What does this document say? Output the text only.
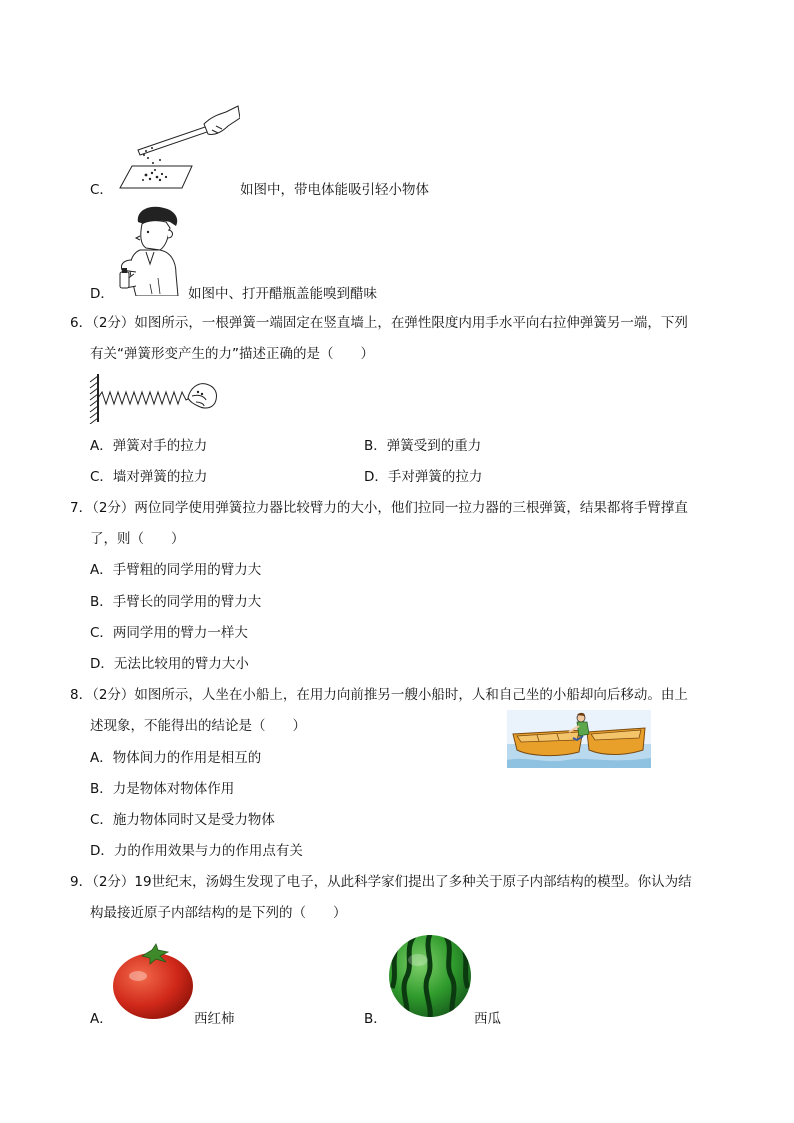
C．	如图中，带电体能吸引轻小物体
D．	如图中、打开醋瓶盖能嗅到醋味
6．（2分）如图所示，一根弹簧一端固定在竖直墙上，在弹性限度内用手水平向右拉伸弹簧另一端，下列
有关“弹簧形变产生的力”描述正确的是（　　）
A．弹簧对手的拉力	B．弹簧受到的重力
C．墙对弹簧的拉力	D．手对弹簧的拉力
7．（2分）两位同学使用弹簧拉力器比较臂力的大小，他们拉同一拉力器的三根弹簧，结果都将手臂撑直
了，则（　　）
A．手臂粗的同学用的臂力大
B．手臂长的同学用的臂力大
C．两同学用的臂力一样大
D．无法比较用的臂力大小
8．（2分）如图所示，人坐在小船上，在用力向前推另一艘小船时，人和自己坐的小船却向后移动。由上
述现象，不能得出的结论是（　　）
A．物体间力的作用是相互的
B．力是物体对物体作用
C．施力物体同时又是受力物体
D．力的作用效果与力的作用点有关
9．（2分）19世纪末，汤姆生发现了电子，从此科学家们提出了多种关于原子内部结构的模型。你认为结
构最接近原子内部结构的是下列的（　　）
A．	西红柿	B．	西瓜
